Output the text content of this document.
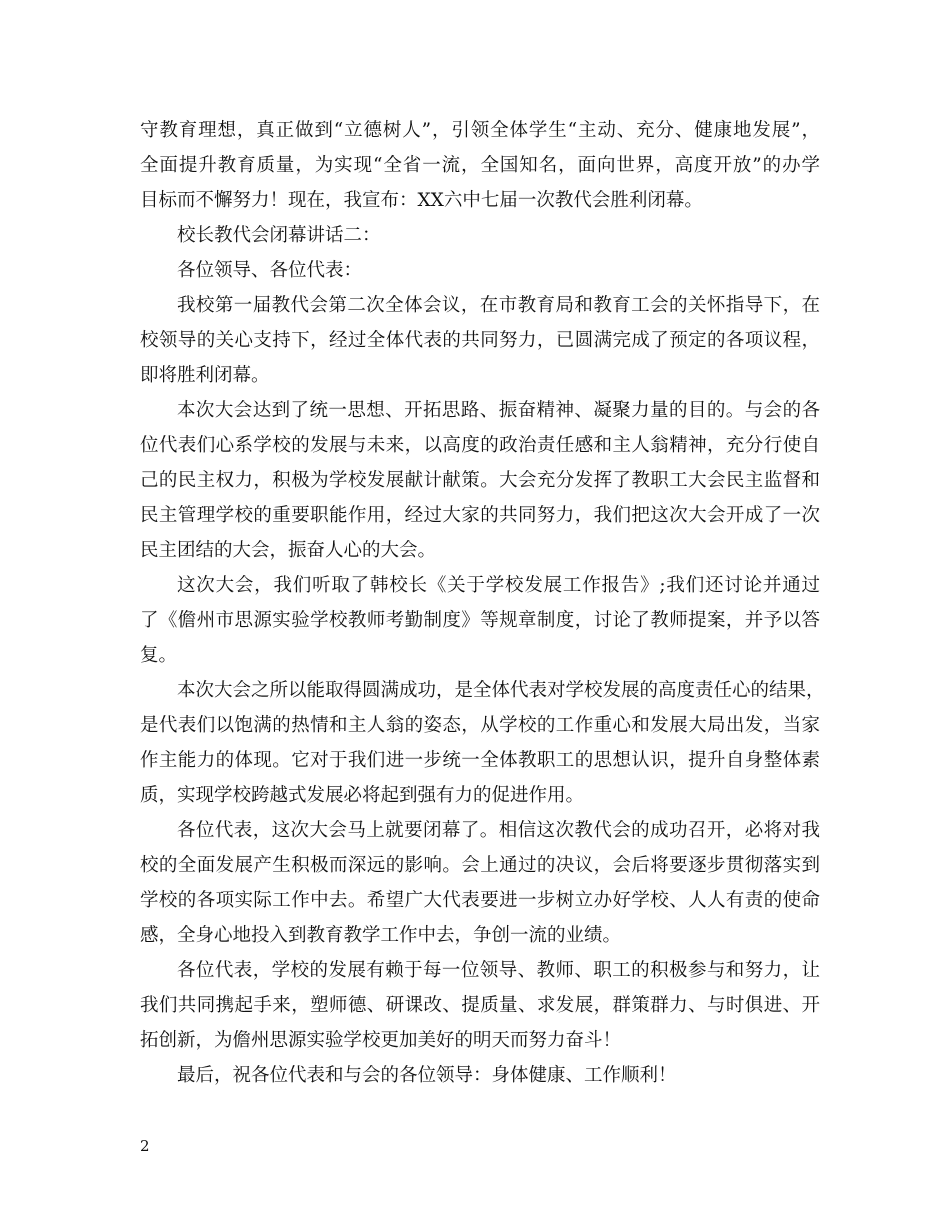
守教育理想，真正做到“立德树人”，引领全体学生“主动、充分、健康地发展”，
全面提升教育质量，为实现“全省一流，全国知名，面向世界，高度开放”的办学
目标而不懈努力！现在，我宣布：XX六中七届一次教代会胜利闭幕。
校长教代会闭幕讲话二：
各位领导、各位代表：
我校第一届教代会第二次全体会议，在市教育局和教育工会的关怀指导下，在
校领导的关心支持下，经过全体代表的共同努力，已圆满完成了预定的各项议程，
即将胜利闭幕。
本次大会达到了统一思想、开拓思路、振奋精神、凝聚力量的目的。与会的各
位代表们心系学校的发展与未来，以高度的政治责任感和主人翁精神，充分行使自
己的民主权力，积极为学校发展献计献策。大会充分发挥了教职工大会民主监督和
民主管理学校的重要职能作用，经过大家的共同努力，我们把这次大会开成了一次
民主团结的大会，振奋人心的大会。
这次大会，我们听取了韩校长《关于学校发展工作报告》;我们还讨论并通过
了《儋州市思源实验学校教师考勤制度》等规章制度，讨论了教师提案，并予以答
复。
本次大会之所以能取得圆满成功，是全体代表对学校发展的高度责任心的结果，
是代表们以饱满的热情和主人翁的姿态，从学校的工作重心和发展大局出发，当家
作主能力的体现。它对于我们进一步统一全体教职工的思想认识，提升自身整体素
质，实现学校跨越式发展必将起到强有力的促进作用。
各位代表，这次大会马上就要闭幕了。相信这次教代会的成功召开，必将对我
校的全面发展产生积极而深远的影响。会上通过的决议，会后将要逐步贯彻落实到
学校的各项实际工作中去。希望广大代表要进一步树立办好学校、人人有责的使命
感，全身心地投入到教育教学工作中去，争创一流的业绩。
各位代表，学校的发展有赖于每一位领导、教师、职工的积极参与和努力，让
我们共同携起手来，塑师德、研课改、提质量、求发展，群策群力、与时俱进、开
拓创新，为儋州思源实验学校更加美好的明天而努力奋斗！
最后，祝各位代表和与会的各位领导：身体健康、工作顺利！
2
